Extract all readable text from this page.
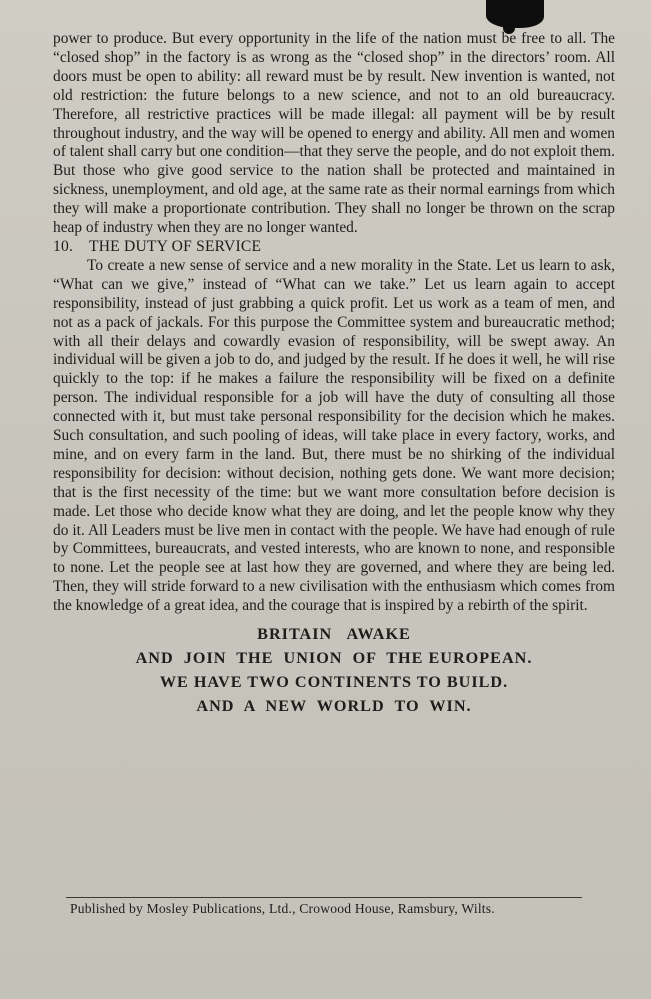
power to produce. But every opportunity in the life of the nation must be free to all. The “closed shop” in the factory is as wrong as the “closed shop” in the directors’ room. All doors must be open to ability: all reward must be by result. New invention is wanted, not old restriction: the future belongs to a new science, and not to an old bureaucracy. Therefore, all restrictive practices will be made illegal: all payment will be by result throughout industry, and the way will be opened to energy and ability. All men and women of talent shall carry but one condition—that they serve the people, and do not exploit them. But those who give good service to the nation shall be protected and maintained in sickness, unemployment, and old age, at the same rate as their normal earnings from which they will make a proportionate contribution. They shall no longer be thrown on the scrap heap of industry when they are no longer wanted.

10. THE DUTY OF SERVICE

To create a new sense of service and a new morality in the State. Let us learn to ask, “What can we give,” instead of “What can we take.” Let us learn again to accept responsibility, instead of just grabbing a quick profit. Let us work as a team of men, and not as a pack of jackals. For this purpose the Committee system and bureaucratic method; with all their delays and cowardly evasion of responsibility, will be swept away. An individual will be given a job to do, and judged by the result. If he does it well, he will rise quickly to the top: if he makes a failure the responsibility will be fixed on a definite person. The individual responsible for a job will have the duty of consulting all those connected with it, but must take personal responsibility for the decision which he makes. Such consultation, and such pooling of ideas, will take place in every factory, works, and mine, and on every farm in the land. But, there must be no shirking of the individual responsibility for decision: without decision, nothing gets done. We want more decision; that is the first necessity of the time: but we want more consultation before decision is made. Let those who decide know what they are doing, and let the people know why they do it. All Leaders must be live men in contact with the people. We have had enough of rule by Committees, bureaucrats, and vested interests, who are known to none, and responsible to none. Let the people see at last how they are governed, and where they are being led. Then, they will stride forward to a new civilisation with the enthusiasm which comes from the knowledge of a great idea, and the courage that is inspired by a rebirth of the spirit.

BRITAIN   AWAKE
AND  JOIN  THE  UNION  OF  THE EUROPEAN.
WE HAVE TWO CONTINENTS TO BUILD.
AND  A  NEW  WORLD  TO  WIN.
Published by Mosley Publications, Ltd., Crowood House, Ramsbury, Wilts.
